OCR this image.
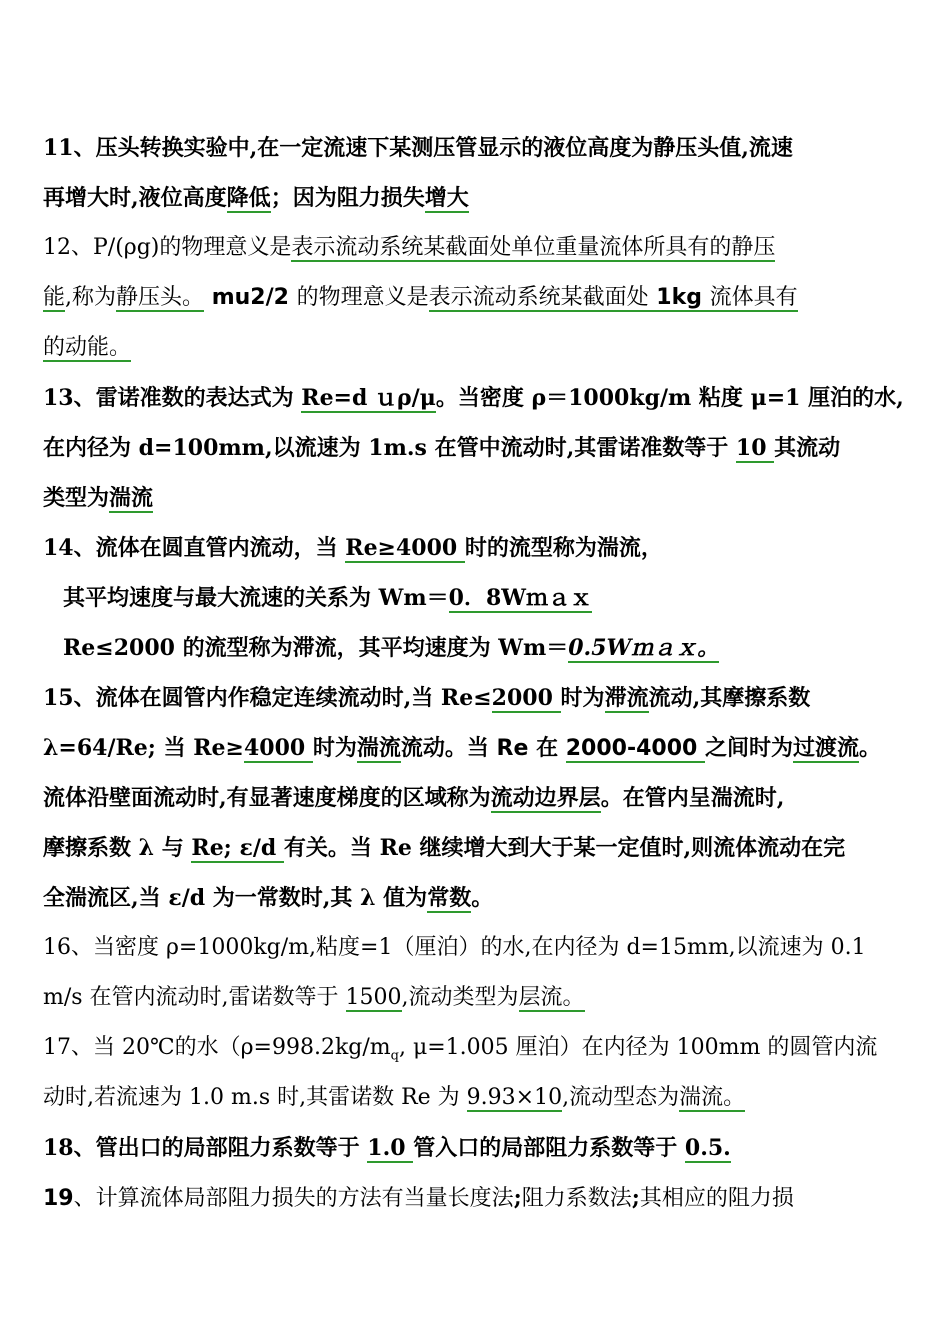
11、压头转换实验中,在一定流速下某测压管显示的液位高度为静压头值,流速
再增大时,液位高度降低；因为阻力损失增大
12、P/(ρg)的物理意义是表示流动系统某截面处单位重量流体所具有的静压
能,称为静压头。 mu2/2 的物理意义是表示流动系统某截面处 1kg 流体具有
的动能。
13、雷诺准数的表达式为 Re=d ｕρ/μ。当密度 ρ＝1000kg/m 粘度 μ=1 厘泊的水,
在内径为 d=100mm,以流速为 1m.s 在管中流动时,其雷诺准数等于 10 其流动
类型为湍流
14、流体在圆直管内流动，当 Re≥4000 时的流型称为湍流，
其平均速度与最大流速的关系为 Wm＝0．8Wｍａｘ
Re≤2000 的流型称为滞流，其平均速度为 Wm＝0.5Wｍａｘ。
15、流体在圆管内作稳定连续流动时,当 Re≤2000 时为滞流流动,其摩擦系数
λ=64/Re; 当 Re≥4000 时为湍流流动。当 Re 在 2000-4000 之间时为过渡流。
流体沿壁面流动时,有显著速度梯度的区域称为流动边界层。在管内呈湍流时,
摩擦系数 λ 与 Re; ε/d 有关。当 Re 继续增大到大于某一定值时,则流体流动在完
全湍流区,当 ε/d 为一常数时,其 λ 值为常数。
16、当密度 ρ=1000kg/m,粘度=1（厘泊）的水,在内径为 d=15mm,以流速为 0.1
m/s 在管内流动时,雷诺数等于 1500,流动类型为层流。
17、当 20℃的水（$\rho=998.2kg/m_q$, μ=1.005 厘泊）在内径为 100mm 的圆管内流
动时,若流速为 1.0 m.s 时,其雷诺数 Re 为 9.93×10,流动型态为湍流。
18、管出口的局部阻力系数等于 1.0 管入口的局部阻力系数等于 0.5.
19、计算流体局部阻力损失的方法有当量长度法;阻力系数法;其相应的阻力损
